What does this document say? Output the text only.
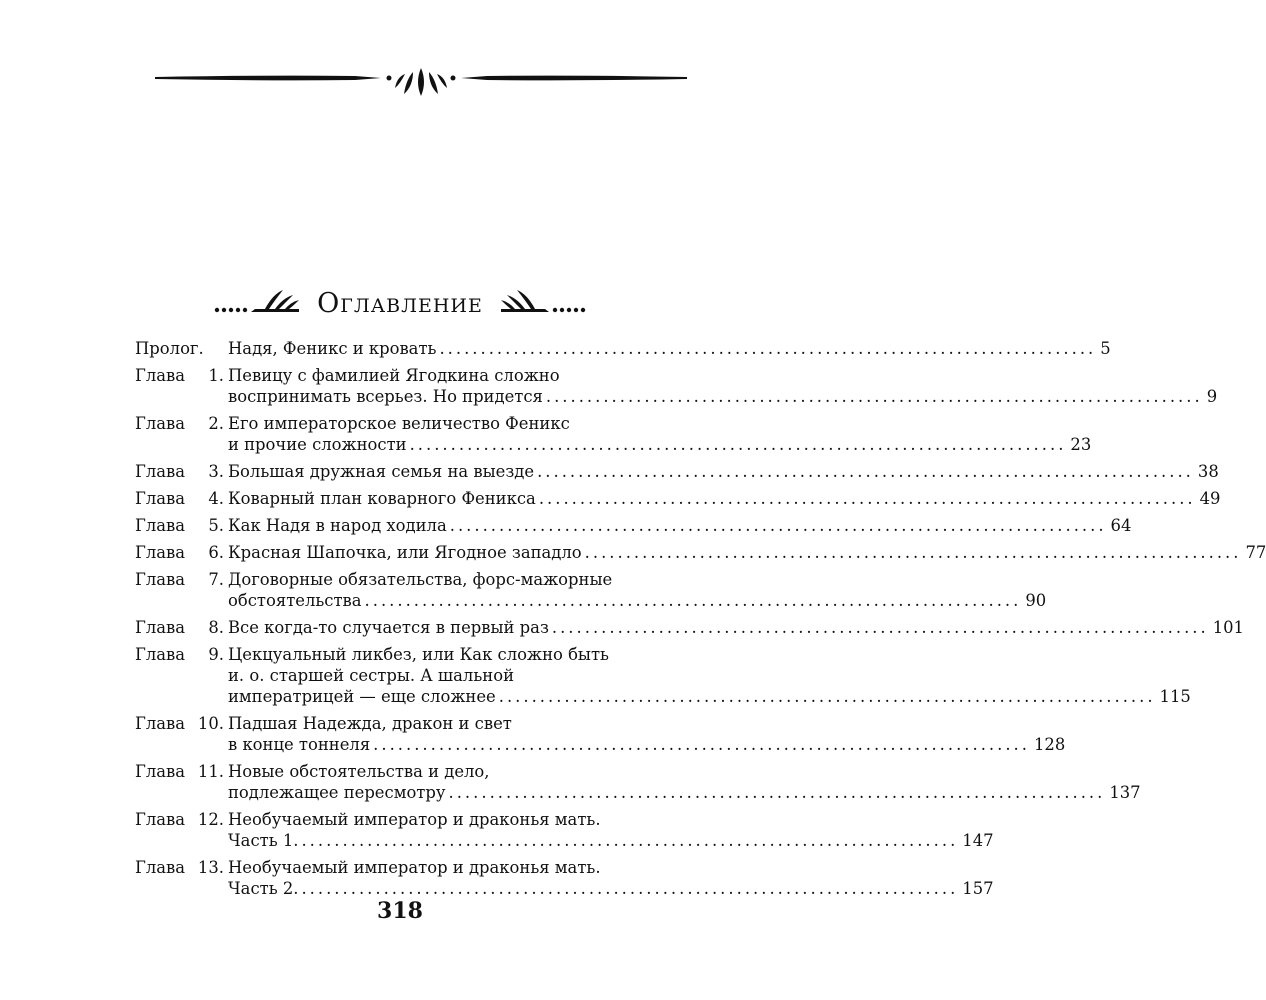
Оглавление
Пролог.	Надя, Феникс и кровать ................................................................................ 5
Глава	1. Певицу с фамилией Ягодкина сложно
воспринимать всерьез. Но придется ................................................................................ 9
Глава	2. Его императорское величество Феникс
и прочие сложности ................................................................................ 23
Глава	3. Большая дружная семья на выезде ................................................................................ 38
Глава	4. Коварный план коварного Феникса ................................................................................ 49
Глава	5. Как Надя в народ ходила ................................................................................ 64
Глава	6. Красная Шапочка, или Ягодное западло ................................................................................ 77
Глава	7. Договорные обязательства, форс-мажорные
обстоятельства ................................................................................ 90
Глава	8. Все когда-то случается в первый раз ................................................................................ 101
Глава	9. Цекцуальный ликбез, или Как сложно быть
и. о. старшей сестры. А шальной
императрицей — еще сложнее ................................................................................ 115
Глава 10. Падшая Надежда, дракон и свет
в конце тоннеля ................................................................................ 128
Глава 11. Новые обстоятельства и дело,
подлежащее пересмотру ................................................................................ 137
Глава 12. Необучаемый император и драконья мать.
Часть 1. ................................................................................ 147
Глава 13. Необучаемый император и драконья мать.
Часть 2. ................................................................................ 157
318
